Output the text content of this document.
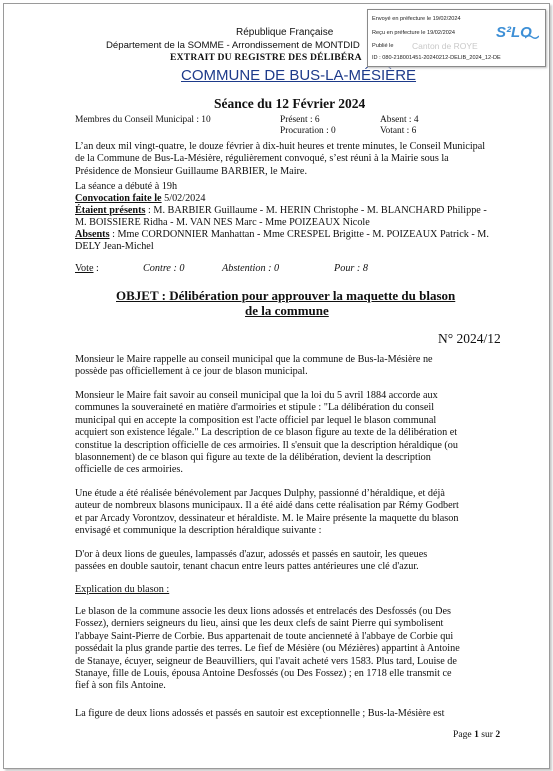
République Française
Département de la SOMME - Arrondissement de MONTDID
EXTRAIT DU REGISTRE DES DÉLIBÉRA
COMMUNE DE BUS-LA-MÉSIÈRE
Envoyé en préfecture le 19/02/2024
Reçu en préfecture le 19/02/2024
Publié le Canton de ROYE
ID : 080-218001451-20240212-DELIB_2024_12-DE
S²LO
Séance du 12 Février 2024
Membres du Conseil Municipal : 10	Présent : 6	Absent : 4
Procuration : 0	Votant : 6
L’an deux mil vingt-quatre, le douze février à dix-huit heures et trente minutes, le Conseil Municipal
de la Commune de Bus-La-Mésière, régulièrement convoqué, s’est réuni à la Mairie sous la
Présidence de Monsieur Guillaume BARBIER, le Maire.
La séance a débuté à 19h
Convocation faite le 5/02/2024
Étaient présents : M. BARBIER Guillaume - M. HERIN Christophe - M. BLANCHARD Philippe -
M. BOISSIERE Ridha - M. VAN NES Marc - Mme POIZEAUX Nicole
Absents : Mme CORDONNIER Manhattan - Mme CRESPEL Brigitte - M. POIZEAUX Patrick - M.
DELY Jean-Michel
Vote :	Contre : 0	Abstention : 0	Pour : 8
OBJET : Délibération pour approuver la maquette du blason
de la commune
N° 2024/12
Monsieur le Maire rappelle au conseil municipal que la commune de Bus-la-Mésière ne
possède pas officiellement à ce jour de blason municipal.
Monsieur le Maire fait savoir au conseil municipal que la loi du 5 avril 1884 accorde aux
communes la souveraineté en matière d'armoiries et stipule : "La délibération du conseil
municipal qui en accepte la composition est l'acte officiel par lequel le blason communal
acquiert son existence légale." La description de ce blason figure au texte de la délibération et
constitue la description officielle de ces armoiries. Il s'ensuit que la description héraldique (ou
blasonnement) de ce blason qui figure au texte de la délibération, devient la description
officielle de ces armoiries.
Une étude a été réalisée bénévolement par Jacques Dulphy, passionné d’héraldique, et déjà
auteur de nombreux blasons municipaux. Il a été aidé dans cette réalisation par Rémy Godbert
et par Arcady Vorontzov, dessinateur et héraldiste. M. le Maire présente la maquette du blason
envisagé et communique la description héraldique suivante :
D'or à deux lions de gueules, lampassés d'azur, adossés et passés en sautoir, les queues
passées en double sautoir, tenant chacun entre leurs pattes antérieures une clé d'azur.
Explication du blason :
Le blason de la commune associe les deux lions adossés et entrelacés des Desfossés (ou Des
Fossez), derniers seigneurs du lieu, ainsi que les deux clefs de saint Pierre qui symbolisent
l'abbaye Saint-Pierre de Corbie. Bus appartenait de toute ancienneté à l'abbaye de Corbie qui
possédait la plus grande partie des terres. Le fief de Mésière (ou Mézières) appartint à Antoine
de Stanaye, écuyer, seigneur de Beauvilliers, qui l'avait acheté vers 1583. Plus tard, Louise de
Stanaye, fille de Louis, épousa Antoine Desfossés (ou Des Fossez) ; en 1718 elle transmit ce
fief à son fils Antoine.
La figure de deux lions adossés et passés en sautoir est exceptionnelle ; Bus-la-Mésière est
Page 1 sur 2
